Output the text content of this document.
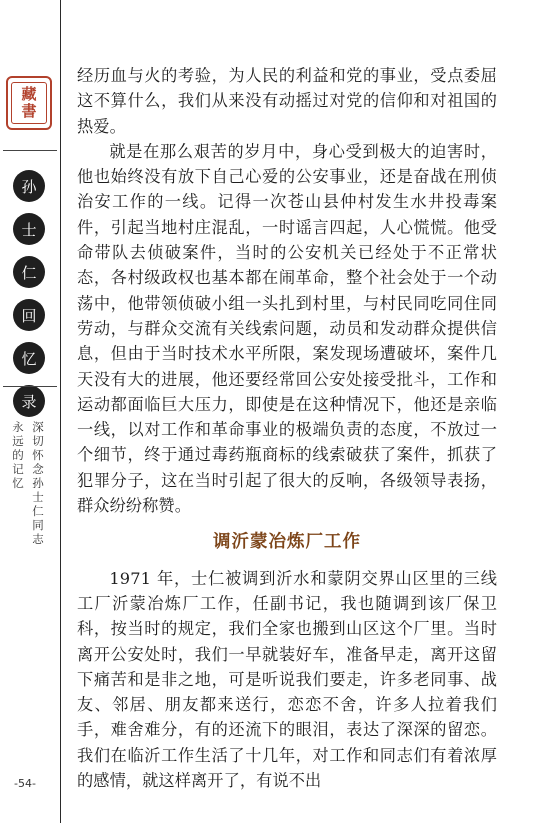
藏
書
孙
士
仁
回
忆
录
永远的记忆
深切怀念孙士仁同志
-54-

经历血与火的考验，为人民的利益和党的事业，受点委屈这不算什么，我们从来没有动摇过对党的信仰和对祖国的热爱。

就是在那么艰苦的岁月中，身心受到极大的迫害时，他也始终没有放下自己心爱的公安事业，还是奋战在刑侦治安工作的一线。记得一次苍山县仲村发生水井投毒案件，引起当地村庄混乱，一时谣言四起，人心慌慌。他受命带队去侦破案件，当时的公安机关已经处于不正常状态，各村级政权也基本都在闹革命，整个社会处于一个动荡中，他带领侦破小组一头扎到村里，与村民同吃同住同劳动，与群众交流有关线索问题，动员和发动群众提供信息，但由于当时技术水平所限，案发现场遭破坏，案件几天没有大的进展，他还要经常回公安处接受批斗，工作和运动都面临巨大压力，即使是在这种情况下，他还是亲临一线，以对工作和革命事业的极端负责的态度，不放过一个细节，终于通过毒药瓶商标的线索破获了案件，抓获了犯罪分子，这在当时引起了很大的反响，各级领导表扬，群众纷纷称赞。

调沂蒙冶炼厂工作

1971 年，士仁被调到沂水和蒙阴交界山区里的三线工厂沂蒙冶炼厂工作，任副书记，我也随调到该厂保卫科，按当时的规定，我们全家也搬到山区这个厂里。当时离开公安处时，我们一早就装好车，准备早走，离开这留下痛苦和是非之地，可是听说我们要走，许多老同事、战友、邻居、朋友都来送行，恋恋不舍，许多人拉着我们手，难舍难分，有的还流下的眼泪，表达了深深的留恋。我们在临沂工作生活了十几年，对工作和同志们有着浓厚的感情，就这样离开了，有说不出
